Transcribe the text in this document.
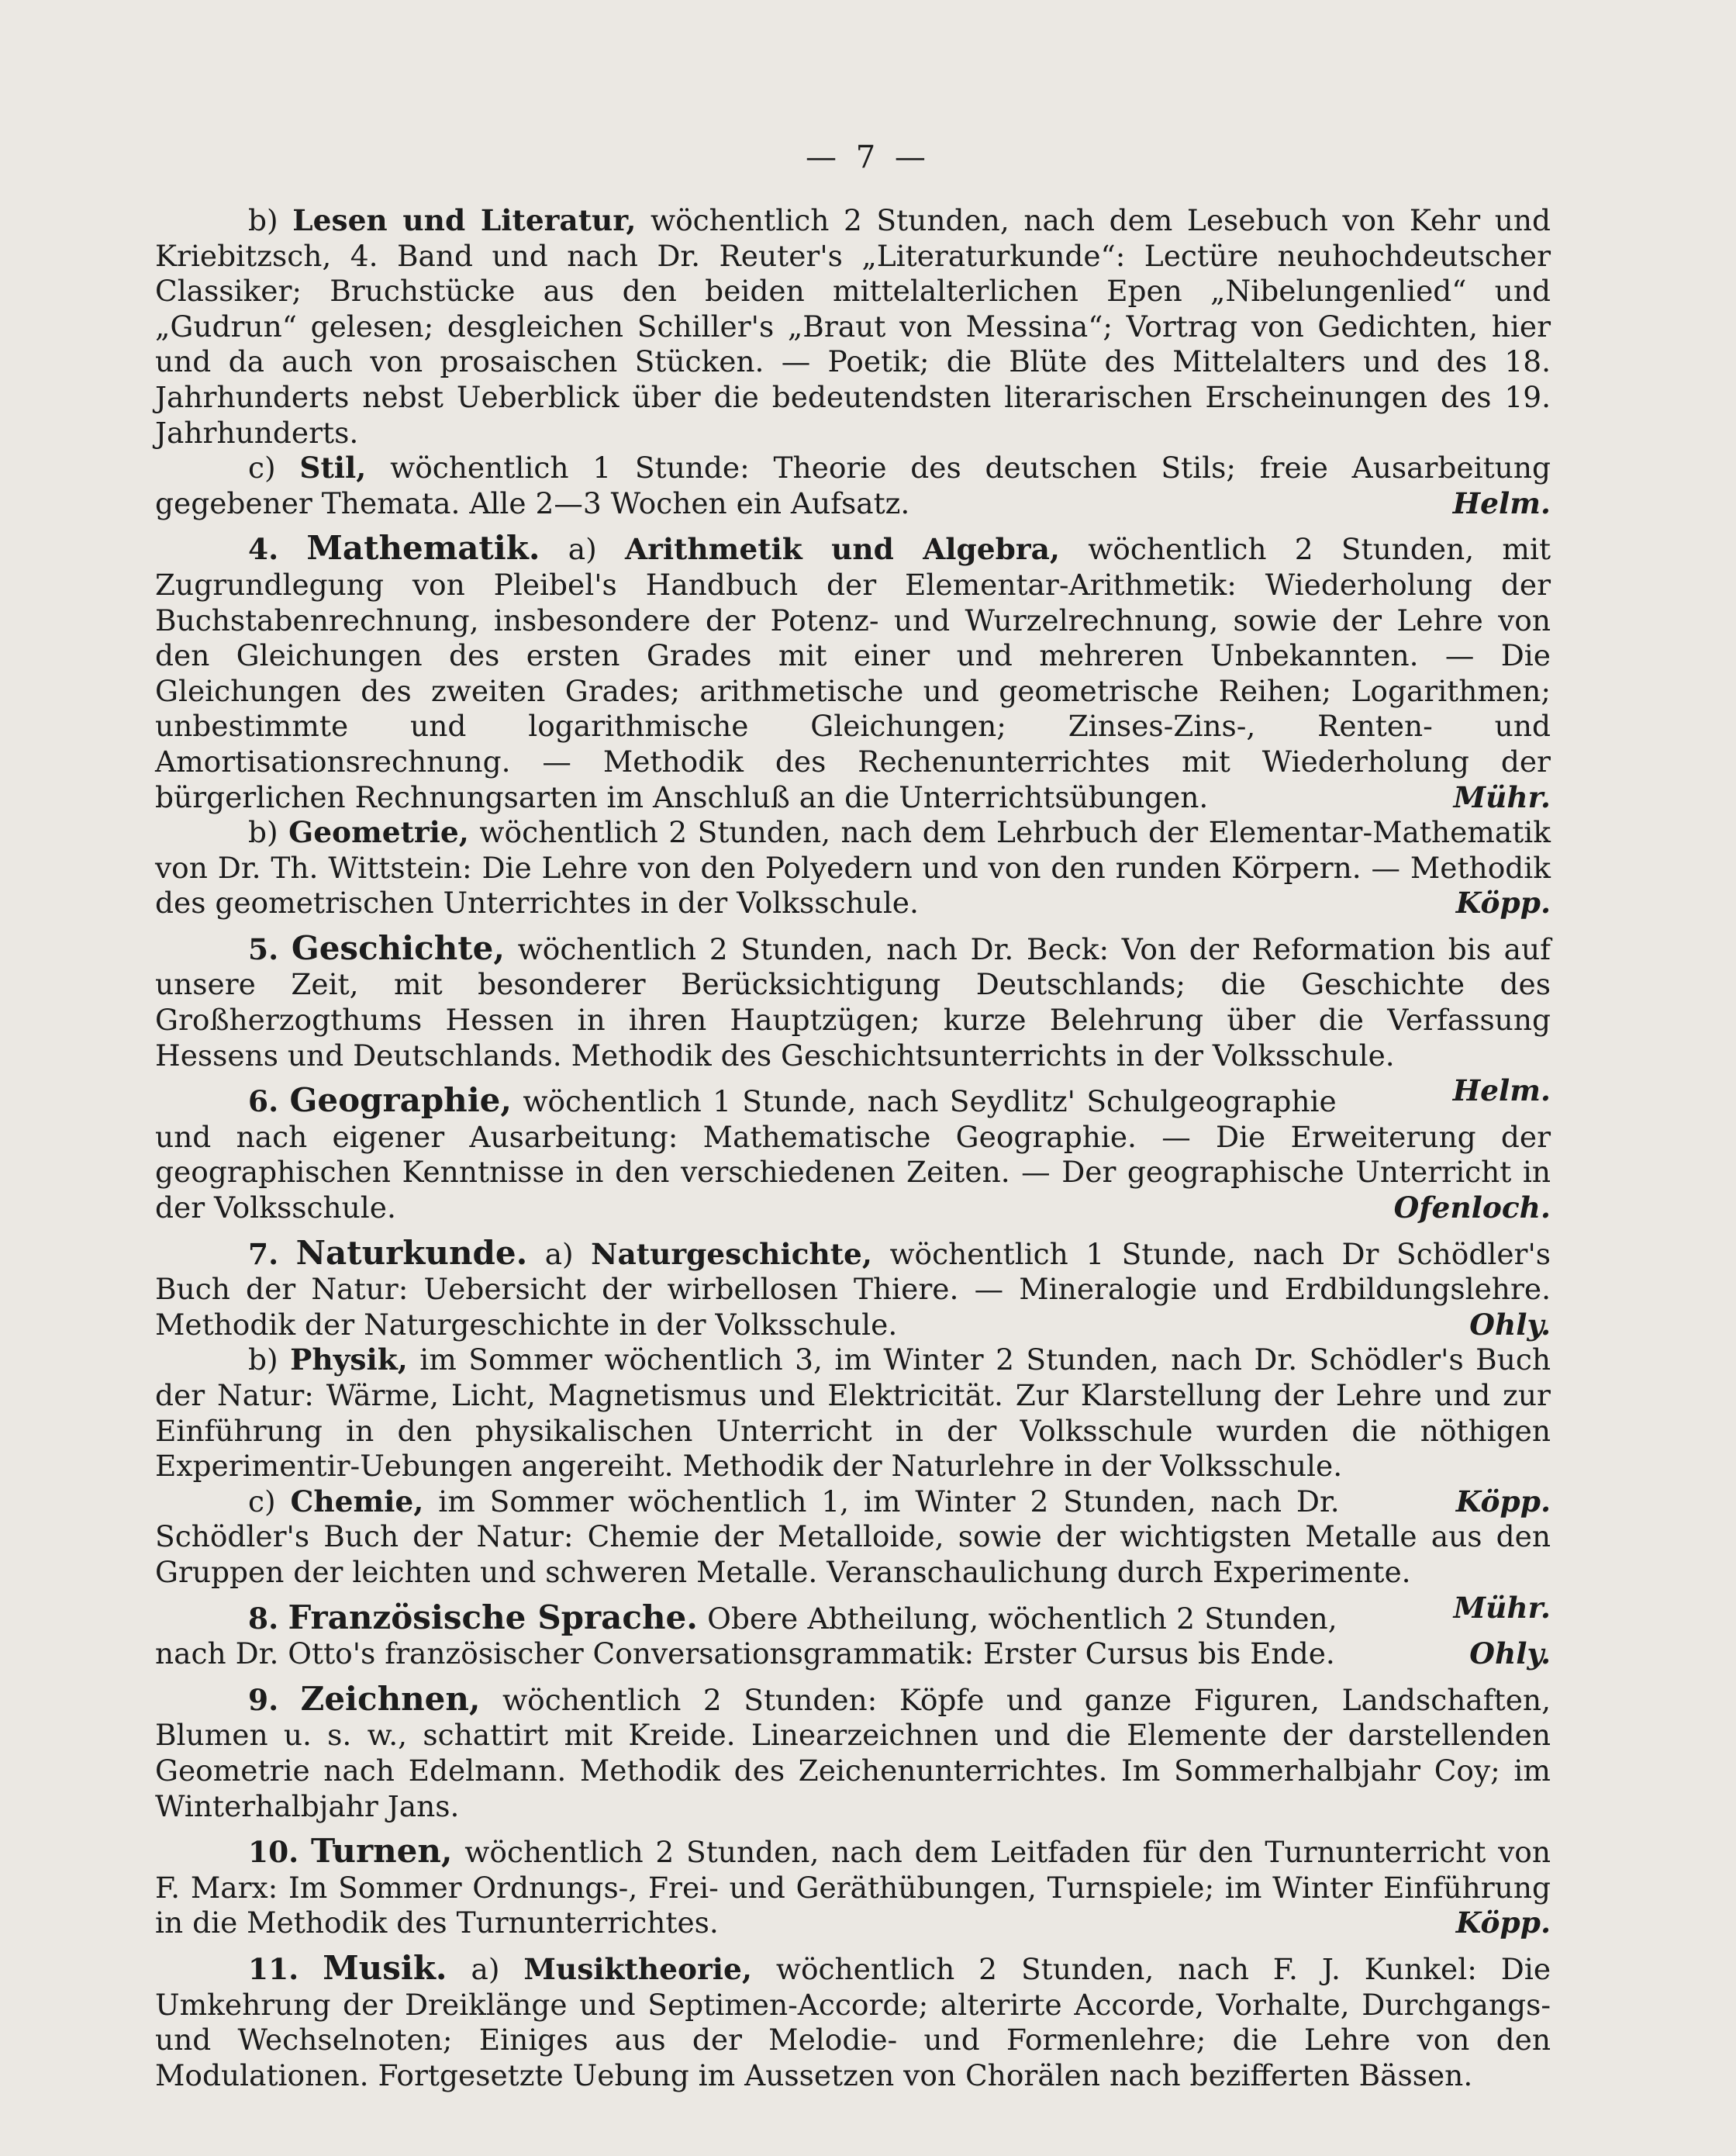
— 7 —

b) Lesen und Literatur, wöchentlich 2 Stunden, nach dem Lesebuch von Kehr und Kriebitzsch, 4. Band und nach Dr. Reuter's „Literaturkunde“: Lectüre neuhochdeutscher Classiker; Bruchstücke aus den beiden mittelalterlichen Epen „Nibelungenlied“ und „Gudrun“ gelesen; desgleichen Schiller's „Braut von Messina“; Vortrag von Gedichten, hier und da auch von prosaischen Stücken. — Poetik; die Blüte des Mittelalters und des 18. Jahrhunderts nebst Ueberblick über die bedeutendsten literarischen Erscheinungen des 19. Jahrhunderts.

c) Stil, wöchentlich 1 Stunde: Theorie des deutschen Stils; freie Ausarbeitung gegebener Themata. Alle 2—3 Wochen ein Aufsatz.	Helm.

4. Mathematik. a) Arithmetik und Algebra, wöchentlich 2 Stunden, mit Zugrundlegung von Pleibel's Handbuch der Elementar-Arithmetik: Wiederholung der Buchstabenrechnung, insbesondere der Potenz- und Wurzelrechnung, sowie der Lehre von den Gleichungen des ersten Grades mit einer und mehreren Unbekannten. — Die Gleichungen des zweiten Grades; arithmetische und geometrische Reihen; Logarithmen; unbestimmte und logarithmische Gleichungen; Zinses-Zins-, Renten- und Amortisationsrechnung. — Methodik des Rechenunterrichtes mit Wiederholung der bürgerlichen Rechnungsarten im Anschluß an die Unterrichtsübungen.	Mühr.

b) Geometrie, wöchentlich 2 Stunden, nach dem Lehrbuch der Elementar-Mathematik von Dr. Th. Wittstein: Die Lehre von den Polyedern und von den runden Körpern. — Methodik des geometrischen Unterrichtes in der Volksschule.	Köpp.

5. Geschichte, wöchentlich 2 Stunden, nach Dr. Beck: Von der Reformation bis auf unsere Zeit, mit besonderer Berücksichtigung Deutschlands; die Geschichte des Großherzogthums Hessen in ihren Hauptzügen; kurze Belehrung über die Verfassung Hessens und Deutschlands. Methodik des Geschichtsunterrichts in der Volksschule.
Helm.

6. Geographie, wöchentlich 1 Stunde, nach Seydlitz' Schulgeographie und nach eigener Ausarbeitung: Mathematische Geographie. — Die Erweiterung der geographischen Kenntnisse in den verschiedenen Zeiten. — Der geographische Unterricht in der Volksschule.	Ofenloch.

7. Naturkunde. a) Naturgeschichte, wöchentlich 1 Stunde, nach Dr Schödler's Buch der Natur: Uebersicht der wirbellosen Thiere. — Mineralogie und Erdbildungslehre. Methodik der Naturgeschichte in der Volksschule.	Ohly.

b) Physik, im Sommer wöchentlich 3, im Winter 2 Stunden, nach Dr. Schödler's Buch der Natur: Wärme, Licht, Magnetismus und Elektricität. Zur Klarstellung der Lehre und zur Einführung in den physikalischen Unterricht in der Volksschule wurden die nöthigen Experimentir-Uebungen angereiht. Methodik der Naturlehre in der Volksschule.
Köpp.

c) Chemie, im Sommer wöchentlich 1, im Winter 2 Stunden, nach Dr. Schödler's Buch der Natur: Chemie der Metalloide, sowie der wichtigsten Metalle aus den Gruppen der leichten und schweren Metalle. Veranschaulichung durch Experimente.
Mühr.

8. Französische Sprache. Obere Abtheilung, wöchentlich 2 Stunden, nach Dr. Otto's französischer Conversationsgrammatik: Erster Cursus bis Ende.	Ohly.

9. Zeichnen, wöchentlich 2 Stunden: Köpfe und ganze Figuren, Landschaften, Blumen u. s. w., schattirt mit Kreide. Linearzeichnen und die Elemente der darstellenden Geometrie nach Edelmann. Methodik des Zeichenunterrichtes. Im Sommerhalbjahr Coy; im Winterhalbjahr Jans.

10. Turnen, wöchentlich 2 Stunden, nach dem Leitfaden für den Turnunterricht von F. Marx: Im Sommer Ordnungs-, Frei- und Geräthübungen, Turnspiele; im Winter Einführung in die Methodik des Turnunterrichtes.	Köpp.

11. Musik. a) Musiktheorie, wöchentlich 2 Stunden, nach F. J. Kunkel: Die Umkehrung der Dreiklänge und Septimen-Accorde; alterirte Accorde, Vorhalte, Durchgangs- und Wechselnoten; Einiges aus der Melodie- und Formenlehre; die Lehre von den Modulationen. Fortgesetzte Uebung im Aussetzen von Chorälen nach bezifferten Bässen.
